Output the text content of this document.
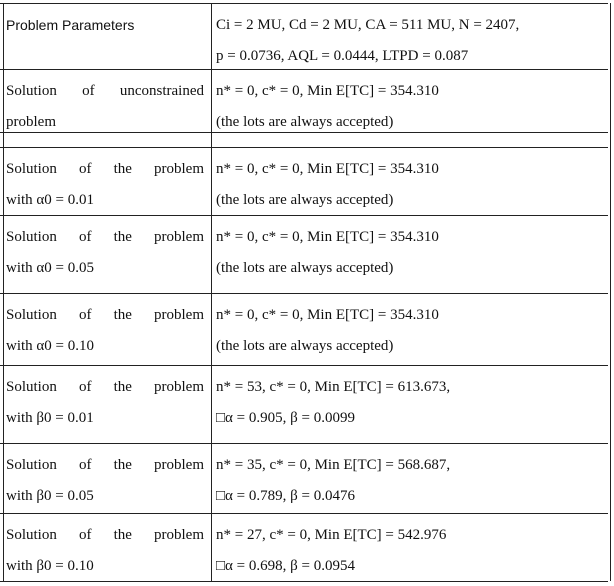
Problem Parameters	Ci = 2 MU, Cd = 2 MU, CA = 511 MU, N = 2407,
p = 0.0736, AQL = 0.0444, LTPD = 0.087
Solution of unconstrained
problem
n* = 0, c* = 0, Min E[TC] = 354.310
(the lots are always accepted)
Solution of the problem
with α0 = 0.01
n* = 0, c* = 0, Min E[TC] = 354.310
(the lots are always accepted)
Solution of the problem
with α0 = 0.05
n* = 0, c* = 0, Min E[TC] = 354.310
(the lots are always accepted)
Solution of the problem
with α0 = 0.10
n* = 0, c* = 0, Min E[TC] = 354.310
(the lots are always accepted)
Solution of the problem
with β0 = 0.01
n* = 53, c* = 0, Min E[TC] = 613.673,
□α = 0.905, β = 0.0099
Solution of the problem
with β0 = 0.05
n* = 35, c* = 0, Min E[TC] = 568.687,
□α = 0.789, β = 0.0476
Solution of the problem
with β0 = 0.10
n* = 27, c* = 0, Min E[TC] = 542.976
□α = 0.698, β = 0.0954
